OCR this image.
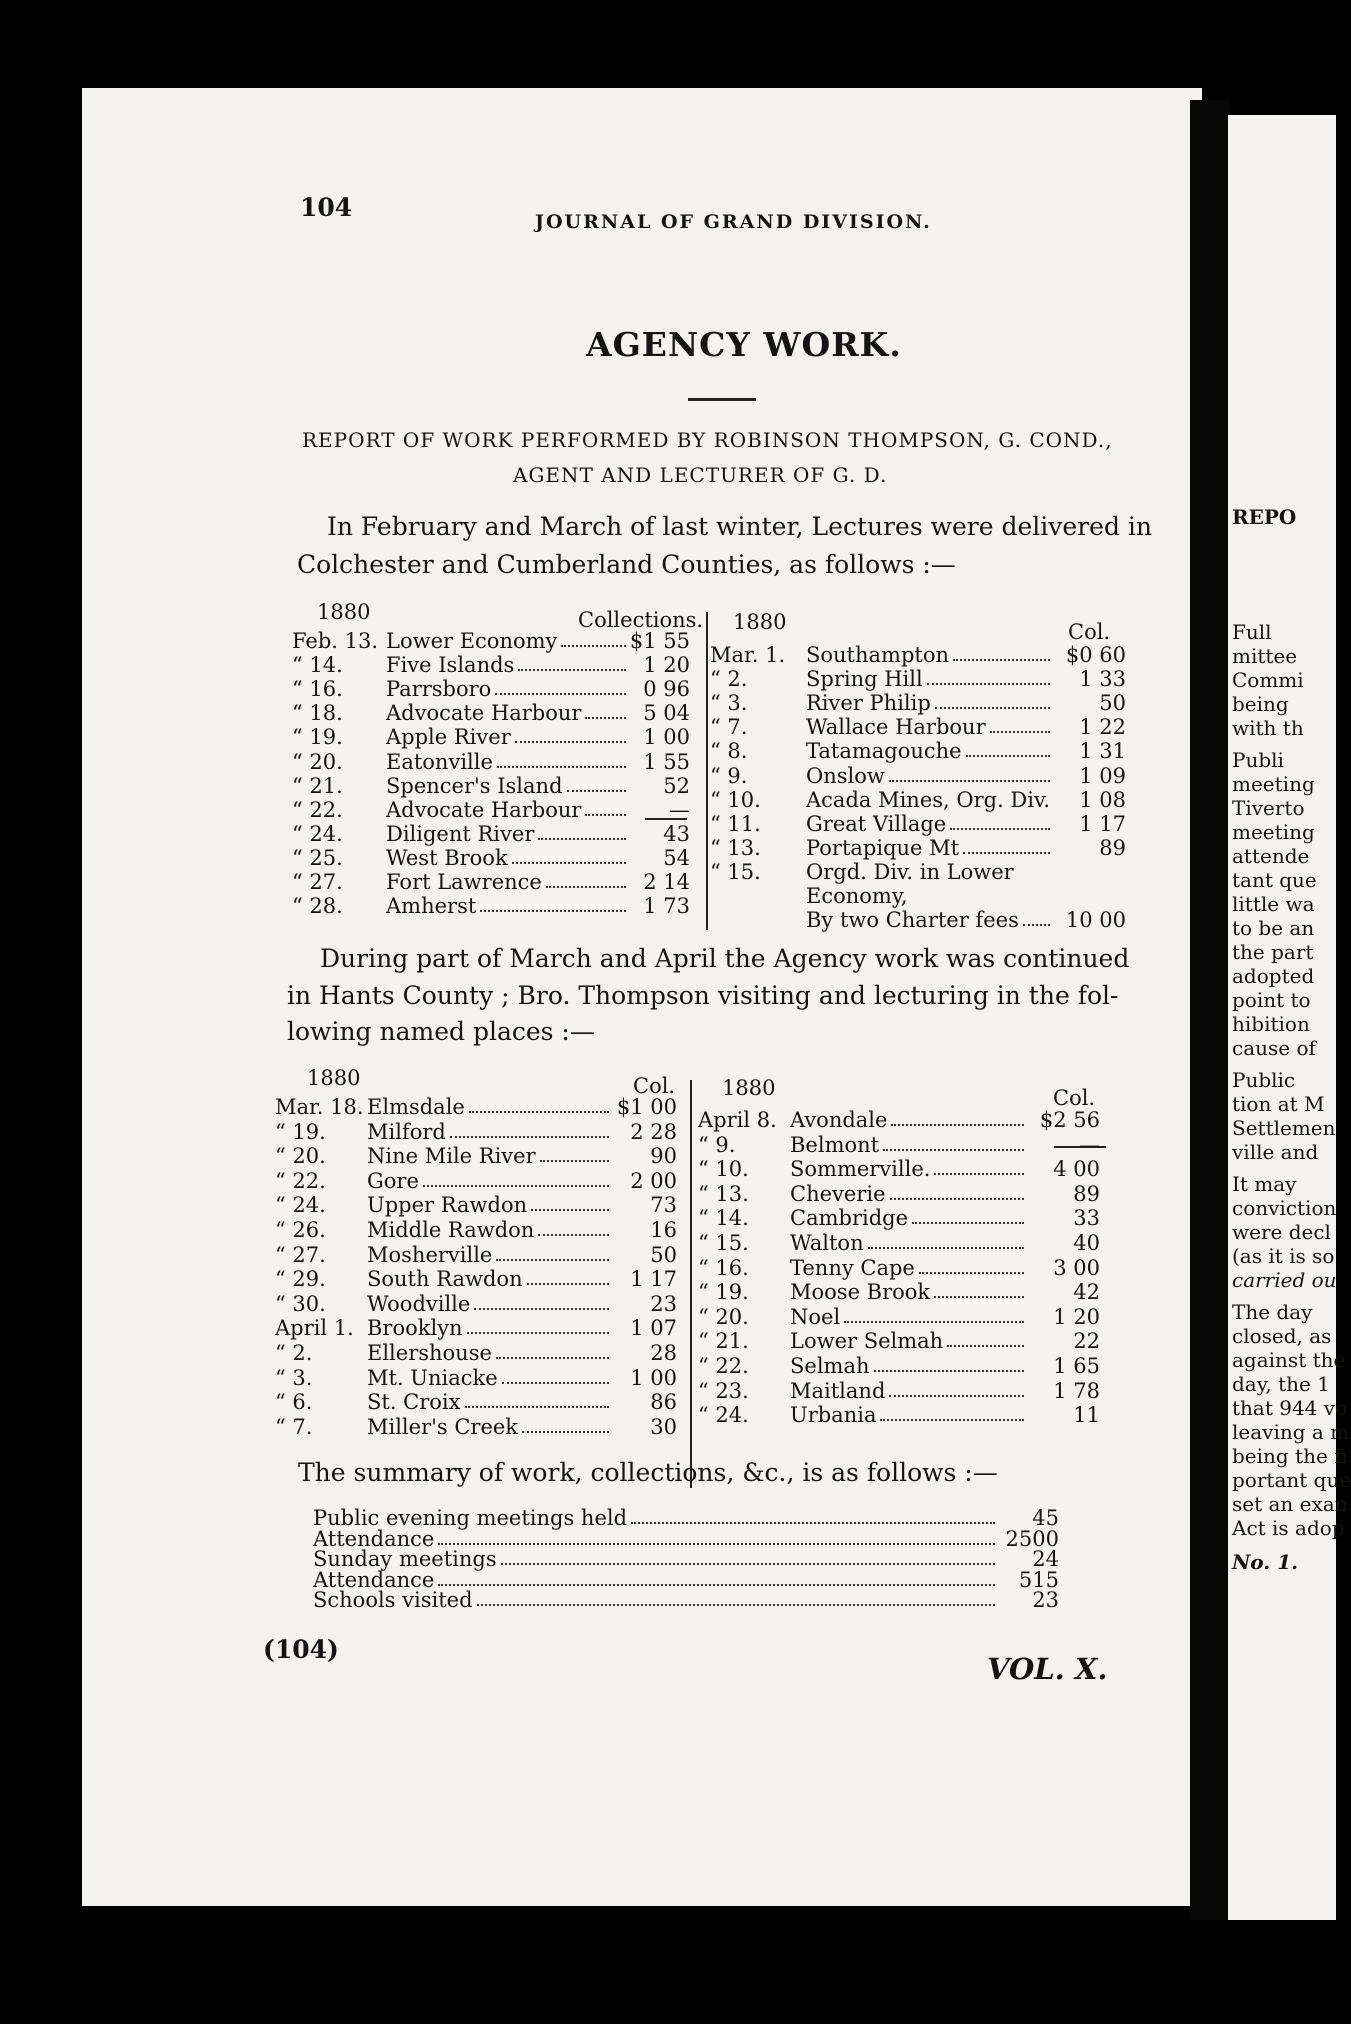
REPO
Full
mittee
Commi
being
with th
Publi
meeting
Tiverto
meeting
attende
tant que
little wa
to be an
the part
adopted
point to
hibition
cause of
Public
tion at M
Settlemen
ville and
It may
conviction
were decl
(as it is so
carried ou
The day
closed, as
against the
day, the 1
that 944 vo
leaving a m
being the fi
portant que
set an exan
Act is adop
No. 1.
104	JOURNAL OF GRAND DIVISION.
AGENCY WORK.
REPORT OF WORK PERFORMED BY ROBINSON THOMPSON, G. COND.,
AGENT AND LECTURER OF G. D.
In February and March of last winter, Lectures were delivered in
Colchester and Cumberland Counties, as follows :—
1880	Collections. 1880	Col.
Feb. 13. Lower Economy	$1 55
“ 14. Five Islands	1 20
“ 16. Parrsboro	0 96
“ 18. Advocate Harbour	5 04
“ 19. Apple River	1 00
“ 20. Eatonville	1 55
“ 21. Spencer's Island	52
“ 22. Advocate Harbour	—
“ 24. Diligent River	43
“ 25. West Brook	54
“ 27. Fort Lawrence	2 14
“ 28. Amherst	1 73
Mar. 1. Southampton	$0 60
“ 2.	Spring Hill	1 33
“ 3.	River Philip	50
“ 7.	Wallace Harbour	1 22
“ 8.	Tatamagouche	1 31
“ 9.	Onslow	1 09
“ 10. Acada Mines, Org. Div.	1 08
“ 11. Great Village	1 17
“ 13. Portapique Mt	89
“ 15. Orgd. Div. in Lower
Economy,
By two Charter fees	10 00
During part of March and April the Agency work was continued
in Hants County ; Bro. Thompson visiting and lecturing in the fol-
lowing named places :—
1880	Col. 1880	Col.
Mar. 18. Elmsdale	$1 00
“ 19. Milford	2 28
“ 20. Nine Mile River	90
“ 22. Gore	2 00
“ 24. Upper Rawdon	73
“ 26. Middle Rawdon	16
“ 27. Mosherville	50
“ 29. South Rawdon	1 17
“ 30. Woodville	23
April 1. Brooklyn	1 07
“ 2.	Ellershouse	28
“ 3.	Mt. Uniacke	1 00
“ 6.	St. Croix	86
“ 7.	Miller's Creek	30
April 8. Avondale	$2 56
“ 9.	Belmont	—
“ 10. Sommerville.	4 00
“ 13. Cheverie	89
“ 14. Cambridge	33
“ 15. Walton	40
“ 16. Tenny Cape	3 00
“ 19. Moose Brook	42
“ 20. Noel	1 20
“ 21. Lower Selmah	22
“ 22. Selmah	1 65
“ 23. Maitland	1 78
“ 24. Urbania	11
The summary of work, collections, &c., is as follows :—
Public evening meetings held	45
Attendance	2500
Sunday meetings	24
Attendance	515
Schools visited	23
(104)
VOL. X.
